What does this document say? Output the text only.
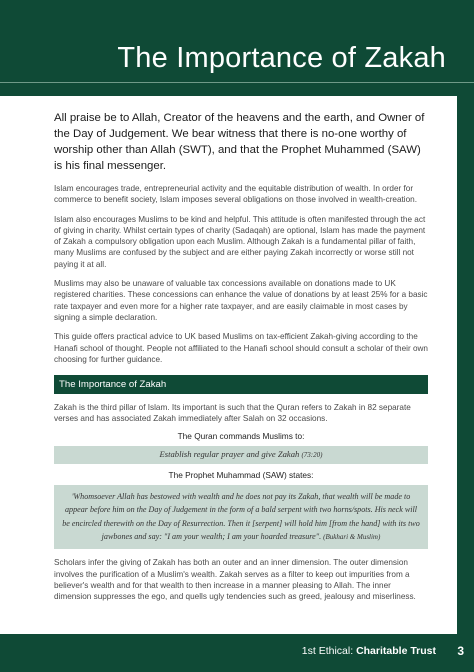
The Importance of Zakah

All praise be to Allah, Creator of the heavens and the earth, and Owner of the Day of Judgement. We bear witness that there is no-one worthy of worship other than Allah (SWT), and that the Prophet Muhammed (SAW) is his final messenger.

Islam encourages trade, entrepreneurial activity and the equitable distribution of wealth. In order for commerce to benefit society, Islam imposes several obligations on those involved in wealth-creation.

Islam also encourages Muslims to be kind and helpful. This attitude is often manifested through the act of giving in charity. Whilst certain types of charity (Sadaqah) are optional, Islam has made the payment of Zakah a compulsory obligation upon each Muslim. Although Zakah is a fundamental pillar of faith, many Muslims are confused by the subject and are either paying Zakah incorrectly or worse still not paying it at all.

Muslims may also be unaware of valuable tax concessions available on donations made to UK registered charities. These concessions can enhance the value of donations by at least 25% for a basic rate taxpayer and even more for a higher rate taxpayer, and are easily claimable in most cases by signing a simple declaration.

This guide offers practical advice to UK based Muslims on tax-efficient Zakah-giving according to the Hanafi school of thought. People not affiliated to the Hanafi school should consult a scholar of their own choosing for further guidance.

The Importance of Zakah

Zakah is the third pillar of Islam. Its important is such that the Quran refers to Zakah in 82 separate verses and has associated Zakah immediately after Salah on 32 occasions.

The Quran commands Muslims to:
Establish regular prayer and give Zakah (73:20)
The Prophet Muhammad (SAW) states:
'Whomsoever Allah has bestowed with wealth and he does not pay its Zakah, that wealth will be made to appear before him on the Day of Judgement in the form of a bald serpent with two horns/spots. His neck will be encircled therewith on the Day of Resurrection. Then it [serpent] will hold him [from the hand] with its two jawbones and say: "I am your wealth; I am your hoarded treasure". (Bukhari & Muslim)

Scholars infer the giving of Zakah has both an outer and an inner dimension. The outer dimension involves the purification of a Muslim's wealth. Zakah serves as a filter to keep out impurities from a believer's wealth and for that wealth to then increase in a manner pleasing to Allah. The inner dimension suppresses the ego, and quells ugly tendencies such as greed, jealousy and miserliness.

1st Ethical: Charitable Trust 3
